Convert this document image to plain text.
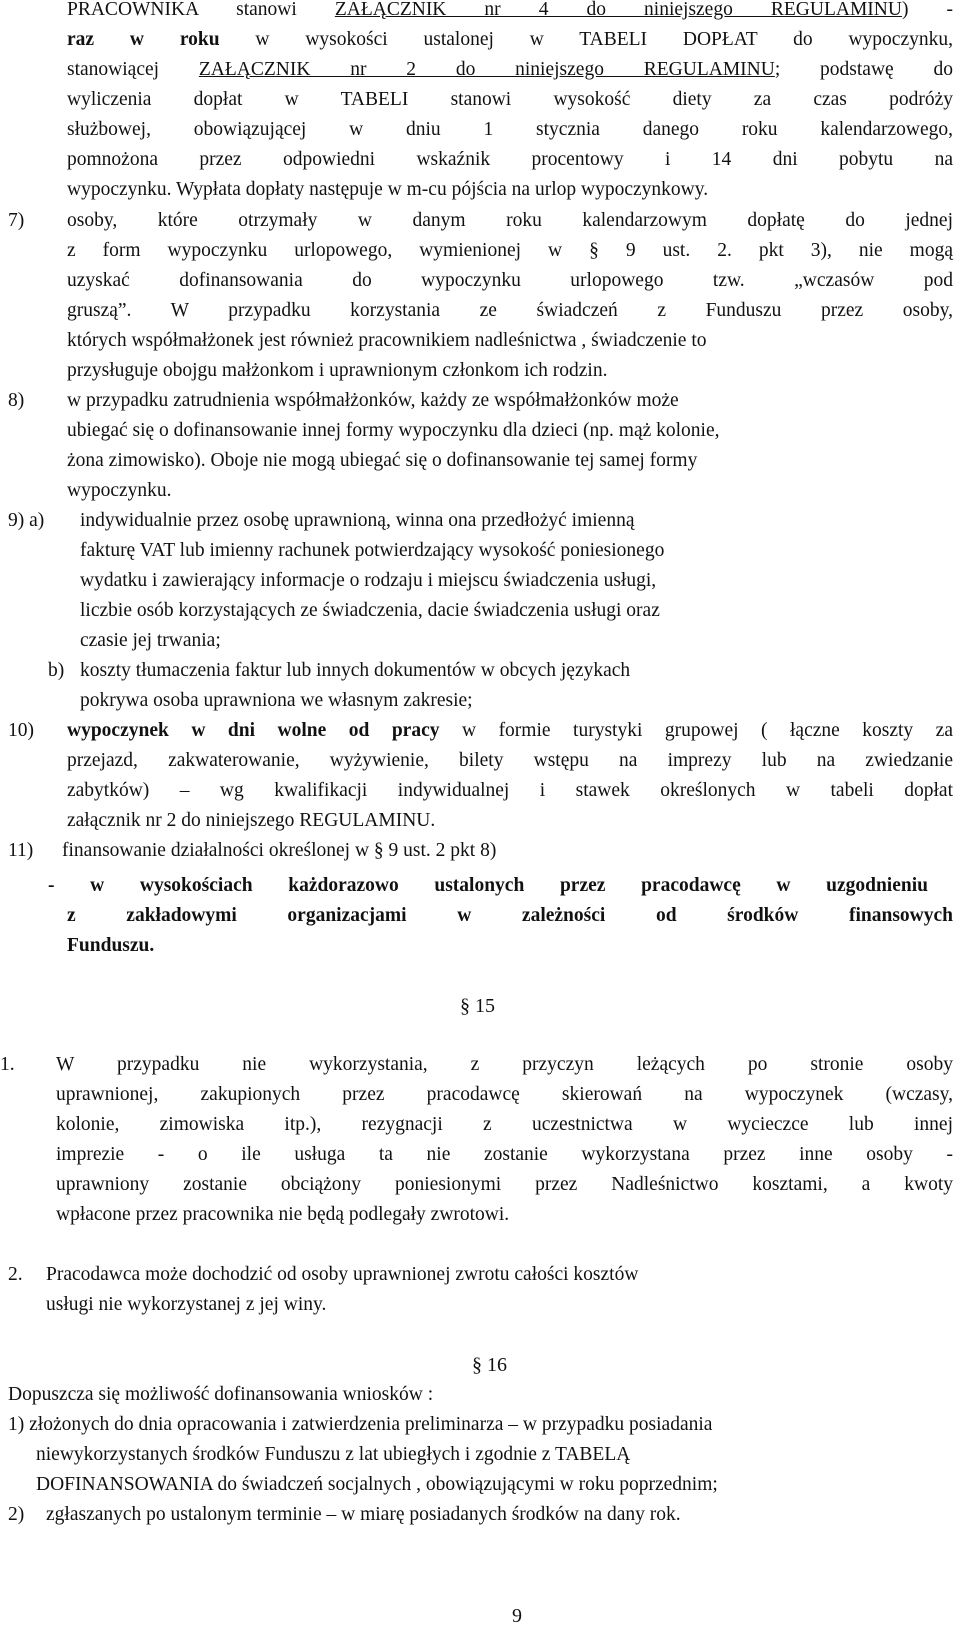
PRACOWNIKA stanowi ZAŁĄCZNIK nr 4 do niniejszego REGULAMINU) -
raz w roku w wysokości ustalonej w TABELI DOPŁAT do wypoczynku,
stanowiącej ZAŁĄCZNIK nr 2 do niniejszego REGULAMINU; podstawę do
wyliczenia dopłat w TABELI stanowi wysokość diety za czas podróży
służbowej, obowiązującej w dniu 1 stycznia danego roku kalendarzowego,
pomnożona przez odpowiedni wskaźnik procentowy i 14 dni pobytu na
wypoczynku. Wypłata dopłaty następuje w m-cu pójścia na urlop wypoczynkowy.
7) osoby, które otrzymały w danym roku kalendarzowym dopłatę do jednej
z form wypoczynku urlopowego, wymienionej w § 9 ust. 2. pkt 3), nie mogą
uzyskać dofinansowania do wypoczynku urlopowego tzw. „wczasów pod
gruszą”. W przypadku korzystania ze świadczeń z Funduszu przez osoby,
których współmałżonek jest również pracownikiem nadleśnictwa , świadczenie to
przysługuje obojgu małżonkom i uprawnionym członkom ich rodzin.
8) w przypadku zatrudnienia współmałżonków, każdy ze współmałżonków może
ubiegać się o dofinansowanie innej formy wypoczynku dla dzieci (np. mąż kolonie,
żona zimowisko). Oboje nie mogą ubiegać się o dofinansowanie tej samej formy
wypoczynku.
9) a) indywidualnie przez osobę uprawnioną, winna ona przedłożyć imienną
fakturę VAT lub imienny rachunek potwierdzający wysokość poniesionego
wydatku i zawierający informacje o rodzaju i miejscu świadczenia usługi,
liczbie osób korzystających ze świadczenia, dacie świadczenia usługi oraz
czasie jej trwania;
b) koszty tłumaczenia faktur lub innych dokumentów w obcych językach
pokrywa osoba uprawniona we własnym zakresie;
10) wypoczynek w dni wolne od pracy w formie turystyki grupowej ( łączne koszty za
przejazd, zakwaterowanie, wyżywienie, bilety wstępu na imprezy lub na zwiedzanie
zabytków) – wg kwalifikacji indywidualnej i stawek określonych w tabeli dopłat
załącznik nr 2 do niniejszego REGULAMINU.
11) finansowanie działalności określonej w § 9 ust. 2 pkt 8)
- w wysokościach każdorazowo ustalonych przez pracodawcę w uzgodnieniu
z zakładowymi organizacjami w zależności od środków finansowych
Funduszu.
§ 15
1. W przypadku nie wykorzystania, z przyczyn leżących po stronie osoby
uprawnionej, zakupionych przez pracodawcę skierowań na wypoczynek (wczasy,
kolonie, zimowiska itp.), rezygnacji z uczestnictwa w wycieczce lub innej
imprezie - o ile usługa ta nie zostanie wykorzystana przez inne osoby -
uprawniony zostanie obciążony poniesionymi przez Nadleśnictwo kosztami, a kwoty
wpłacone przez pracownika nie będą podlegały zwrotowi.
2. Pracodawca może dochodzić od osoby uprawnionej zwrotu całości kosztów
usługi nie wykorzystanej z jej winy.
§ 16
Dopuszcza się możliwość dofinansowania wniosków :
1) złożonych do dnia opracowania i zatwierdzenia preliminarza – w przypadku posiadania
niewykorzystanych środków Funduszu z lat ubiegłych i zgodnie z TABELĄ
DOFINANSOWANIA do świadczeń socjalnych , obowiązującymi w roku poprzednim;
2) zgłaszanych po ustalonym terminie – w miarę posiadanych środków na dany rok.
9
